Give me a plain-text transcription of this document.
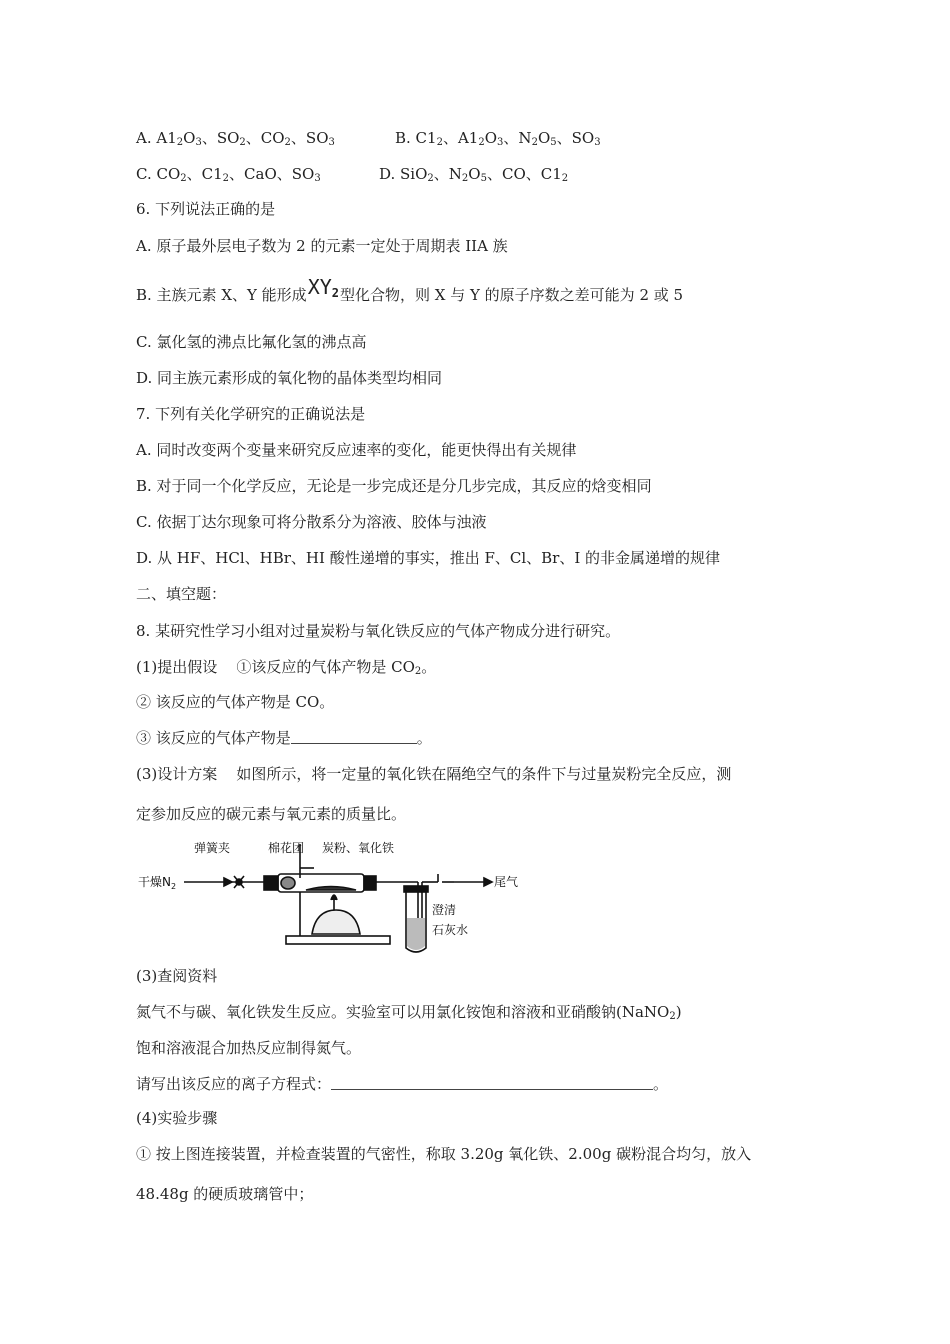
A. $A1_2O_3$、$SO_2$、$CO_2$、$SO_3$	B. $C1_2$、$A1_2O_3$、$N_2O_5$、$SO_3$
C. $CO_2$、$C1_2$、CaO、$SO_3$	D. SiO$_2$、$N_2O_5$、CO、$C1_2$
6. 下列说法正确的是
A. 原子最外层电子数为 2 的元素一定处于周期表 IIA 族
B. 主族元素 X、Y 能形成$XY_2$型化合物，则 X 与 Y 的原子序数之差可能为 2 或 5
C. 氯化氢的沸点比氟化氢的沸点高
D. 同主族元素形成的氧化物的晶体类型均相同
7. 下列有关化学研究的正确说法是
A. 同时改变两个变量来研究反应速率的变化，能更快得出有关规律
B. 对于同一个化学反应，无论是一步完成还是分几步完成，其反应的焓变相同
C. 依据丁达尔现象可将分散系分为溶液、胶体与浊液
D. 从 HF、HCl、HBr、HI 酸性递增的事实，推出 F、Cl、Br、I 的非金属递增的规律
二、填空题：
8. 某研究性学习小组对过量炭粉与氧化铁反应的气体产物成分进行研究。
(1)提出假设    ①该反应的气体产物是 $CO_2$。
② 该反应的气体产物是 CO。
③ 该反应的气体产物是	。
(3)设计方案    如图所示，将一定量的氧化铁在隔绝空气的条件下与过量炭粉完全反应，测
定参加反应的碳元素与氧元素的质量比。
弹簧夹	棉花团 炭粉、氧化铁
干燥$N_2$	尾气
澄清
石灰水
(3)查阅资料
氮气不与碳、氧化铁发生反应。实验室可以用氯化铵饱和溶液和亚硝酸钠(NaNO$_2$)
饱和溶液混合加热反应制得氮气。
请写出该反应的离子方程式：	。
(4)实验步骤
① 按上图连接装置，并检查装置的气密性，称取 3.20g 氧化铁、2.00g 碳粉混合均匀，放入
48.48g 的硬质玻璃管中；
